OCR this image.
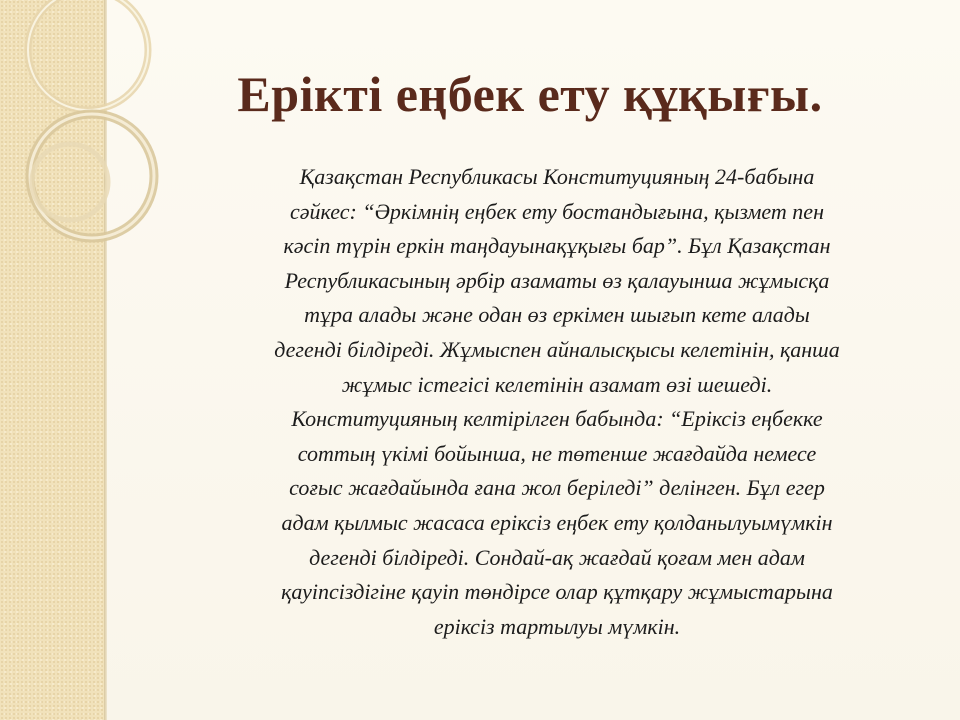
Ерікті еңбек ету құқығы.
Қазақстан Республикасы Конституцияның 24-бабына
сәйкес: “Әркімнің еңбек ету бостандығына, қызмет пен
кәсіп түрін еркін таңдауынақұқығы бар”. Бұл Қазақстан
Республикасының әрбір азаматы өз қалауынша жұмысқа
тұра алады және одан өз еркімен шығып кете алады
дегенді білдіреді. Жұмыспен айналысқысы келетінін, қанша
жұмыс істегісі келетінін азамат өзі шешеді.
Конституцияның келтірілген бабында: “Еріксіз еңбекке
соттың үкімі бойынша, не төтенше жағдайда немесе
соғыс жағдайында ғана жол беріледі” делінген. Бұл егер
адам қылмыс жасаса еріксіз еңбек ету қолданылуымүмкін
дегенді білдіреді. Сондай-ақ жағдай қоғам мен адам
қауіпсіздігіне қауіп төндірсе олар құтқару жұмыстарына
еріксіз тартылуы мүмкін.
